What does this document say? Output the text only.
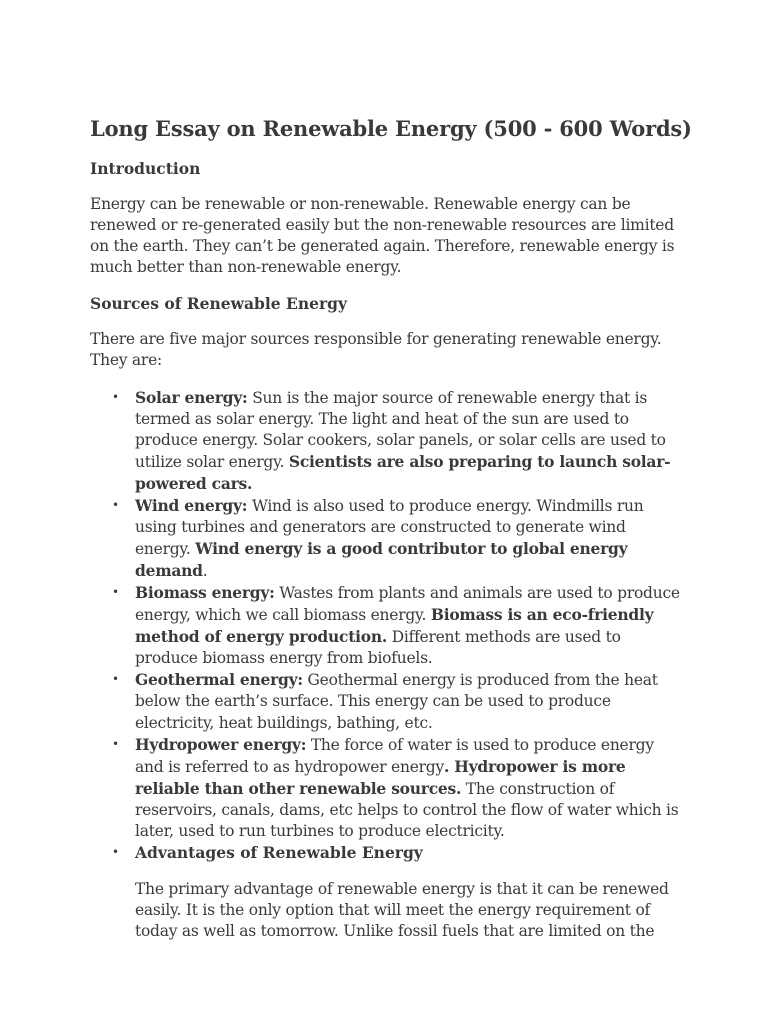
Long Essay on Renewable Energy (500 - 600 Words)
Introduction
Energy can be renewable or non-renewable. Renewable energy can be renewed or re-generated easily but the non-renewable resources are limited on the earth. They can’t be generated again. Therefore, renewable energy is much better than non-renewable energy.
Sources of Renewable Energy
There are five major sources responsible for generating renewable energy. They are:
• Solar energy: Sun is the major source of renewable energy that is termed as solar energy. The light and heat of the sun are used to produce energy. Solar cookers, solar panels, or solar cells are used to utilize solar energy. Scientists are also preparing to launch solar-powered cars.
• Wind energy: Wind is also used to produce energy. Windmills run using turbines and generators are constructed to generate wind energy. Wind energy is a good contributor to global energy demand.
• Biomass energy: Wastes from plants and animals are used to produce energy, which we call biomass energy. Biomass is an eco-friendly method of energy production. Different methods are used to produce biomass energy from biofuels.
• Geothermal energy: Geothermal energy is produced from the heat below the earth’s surface. This energy can be used to produce electricity, heat buildings, bathing, etc.
• Hydropower energy: The force of water is used to produce energy and is referred to as hydropower energy. Hydropower is more reliable than other renewable sources. The construction of reservoirs, canals, dams, etc helps to control the flow of water which is later, used to run turbines to produce electricity.
• Advantages of Renewable Energy
The primary advantage of renewable energy is that it can be renewed easily. It is the only option that will meet the energy requirement of today as well as tomorrow. Unlike fossil fuels that are limited on the
